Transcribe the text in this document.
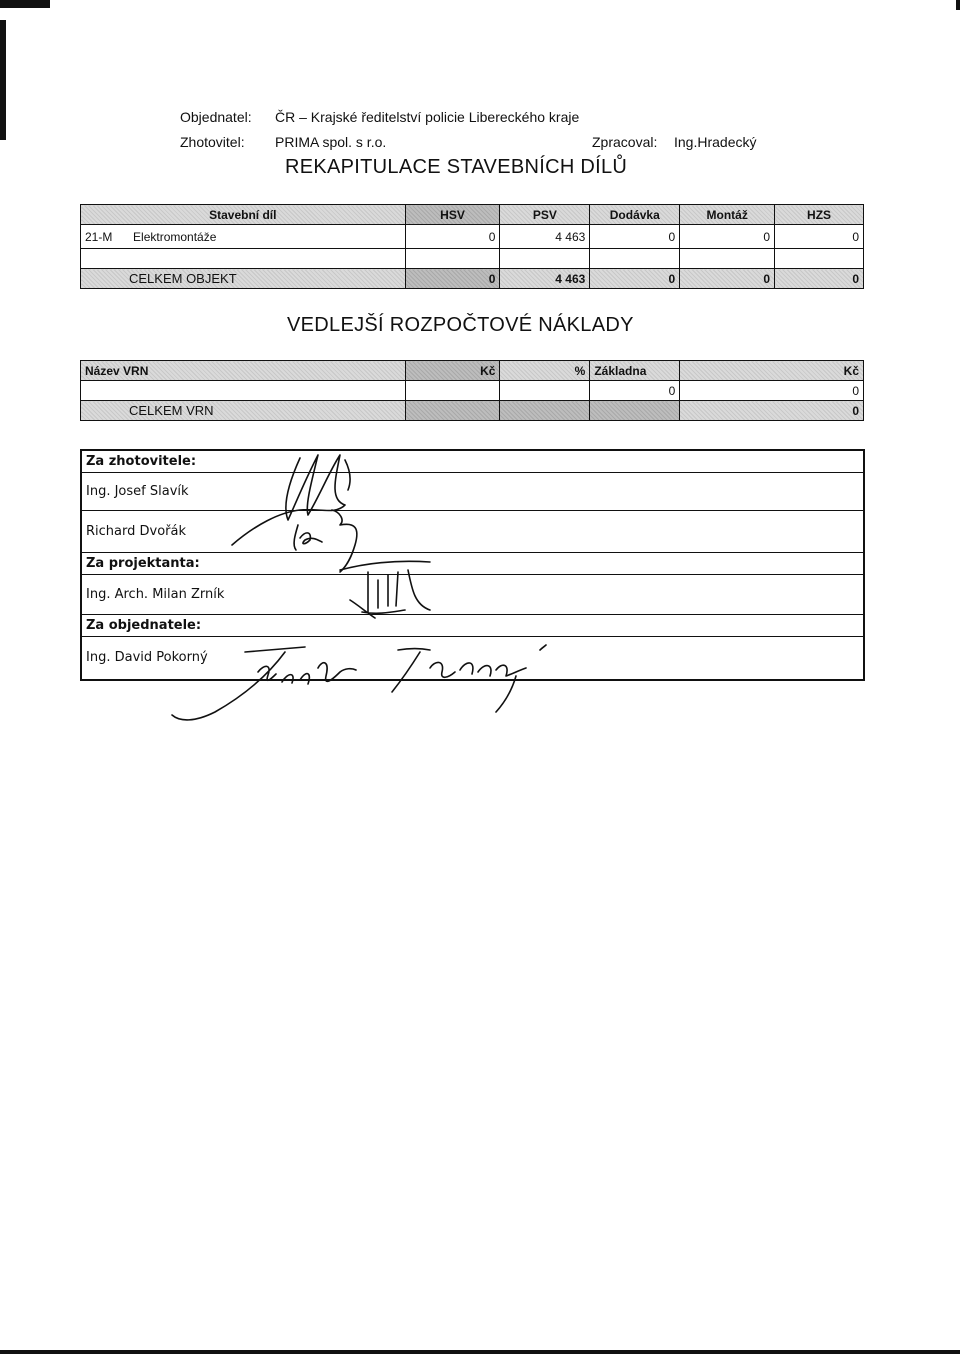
Objednatel: ČR – Krajské ředitelství policie Libereckého kraje
Zhotovitel: PRIMA spol. s r.o.	Zpracoval: Ing.Hradecký
REKAPITULACE STAVEBNÍCH DÍLŮ
Stavební díl	HSV	PSV	Dodávka	Montáž	HZS
21-M Elektromontáže	0	4 463	0	0	0

CELKEM OBJEKT	0	4 463	0	0	0
VEDLEJŠÍ ROZPOČTOVÉ NÁKLADY
Název VRN	Kč	%	Základna	Kč
			0	0
CELKEM VRN				0
Za zhotovitele:
Ing. Josef Slavík
Richard Dvořák
Za projektanta:
Ing. Arch. Milan Zrník
Za objednatele:
Ing. David Pokorný
